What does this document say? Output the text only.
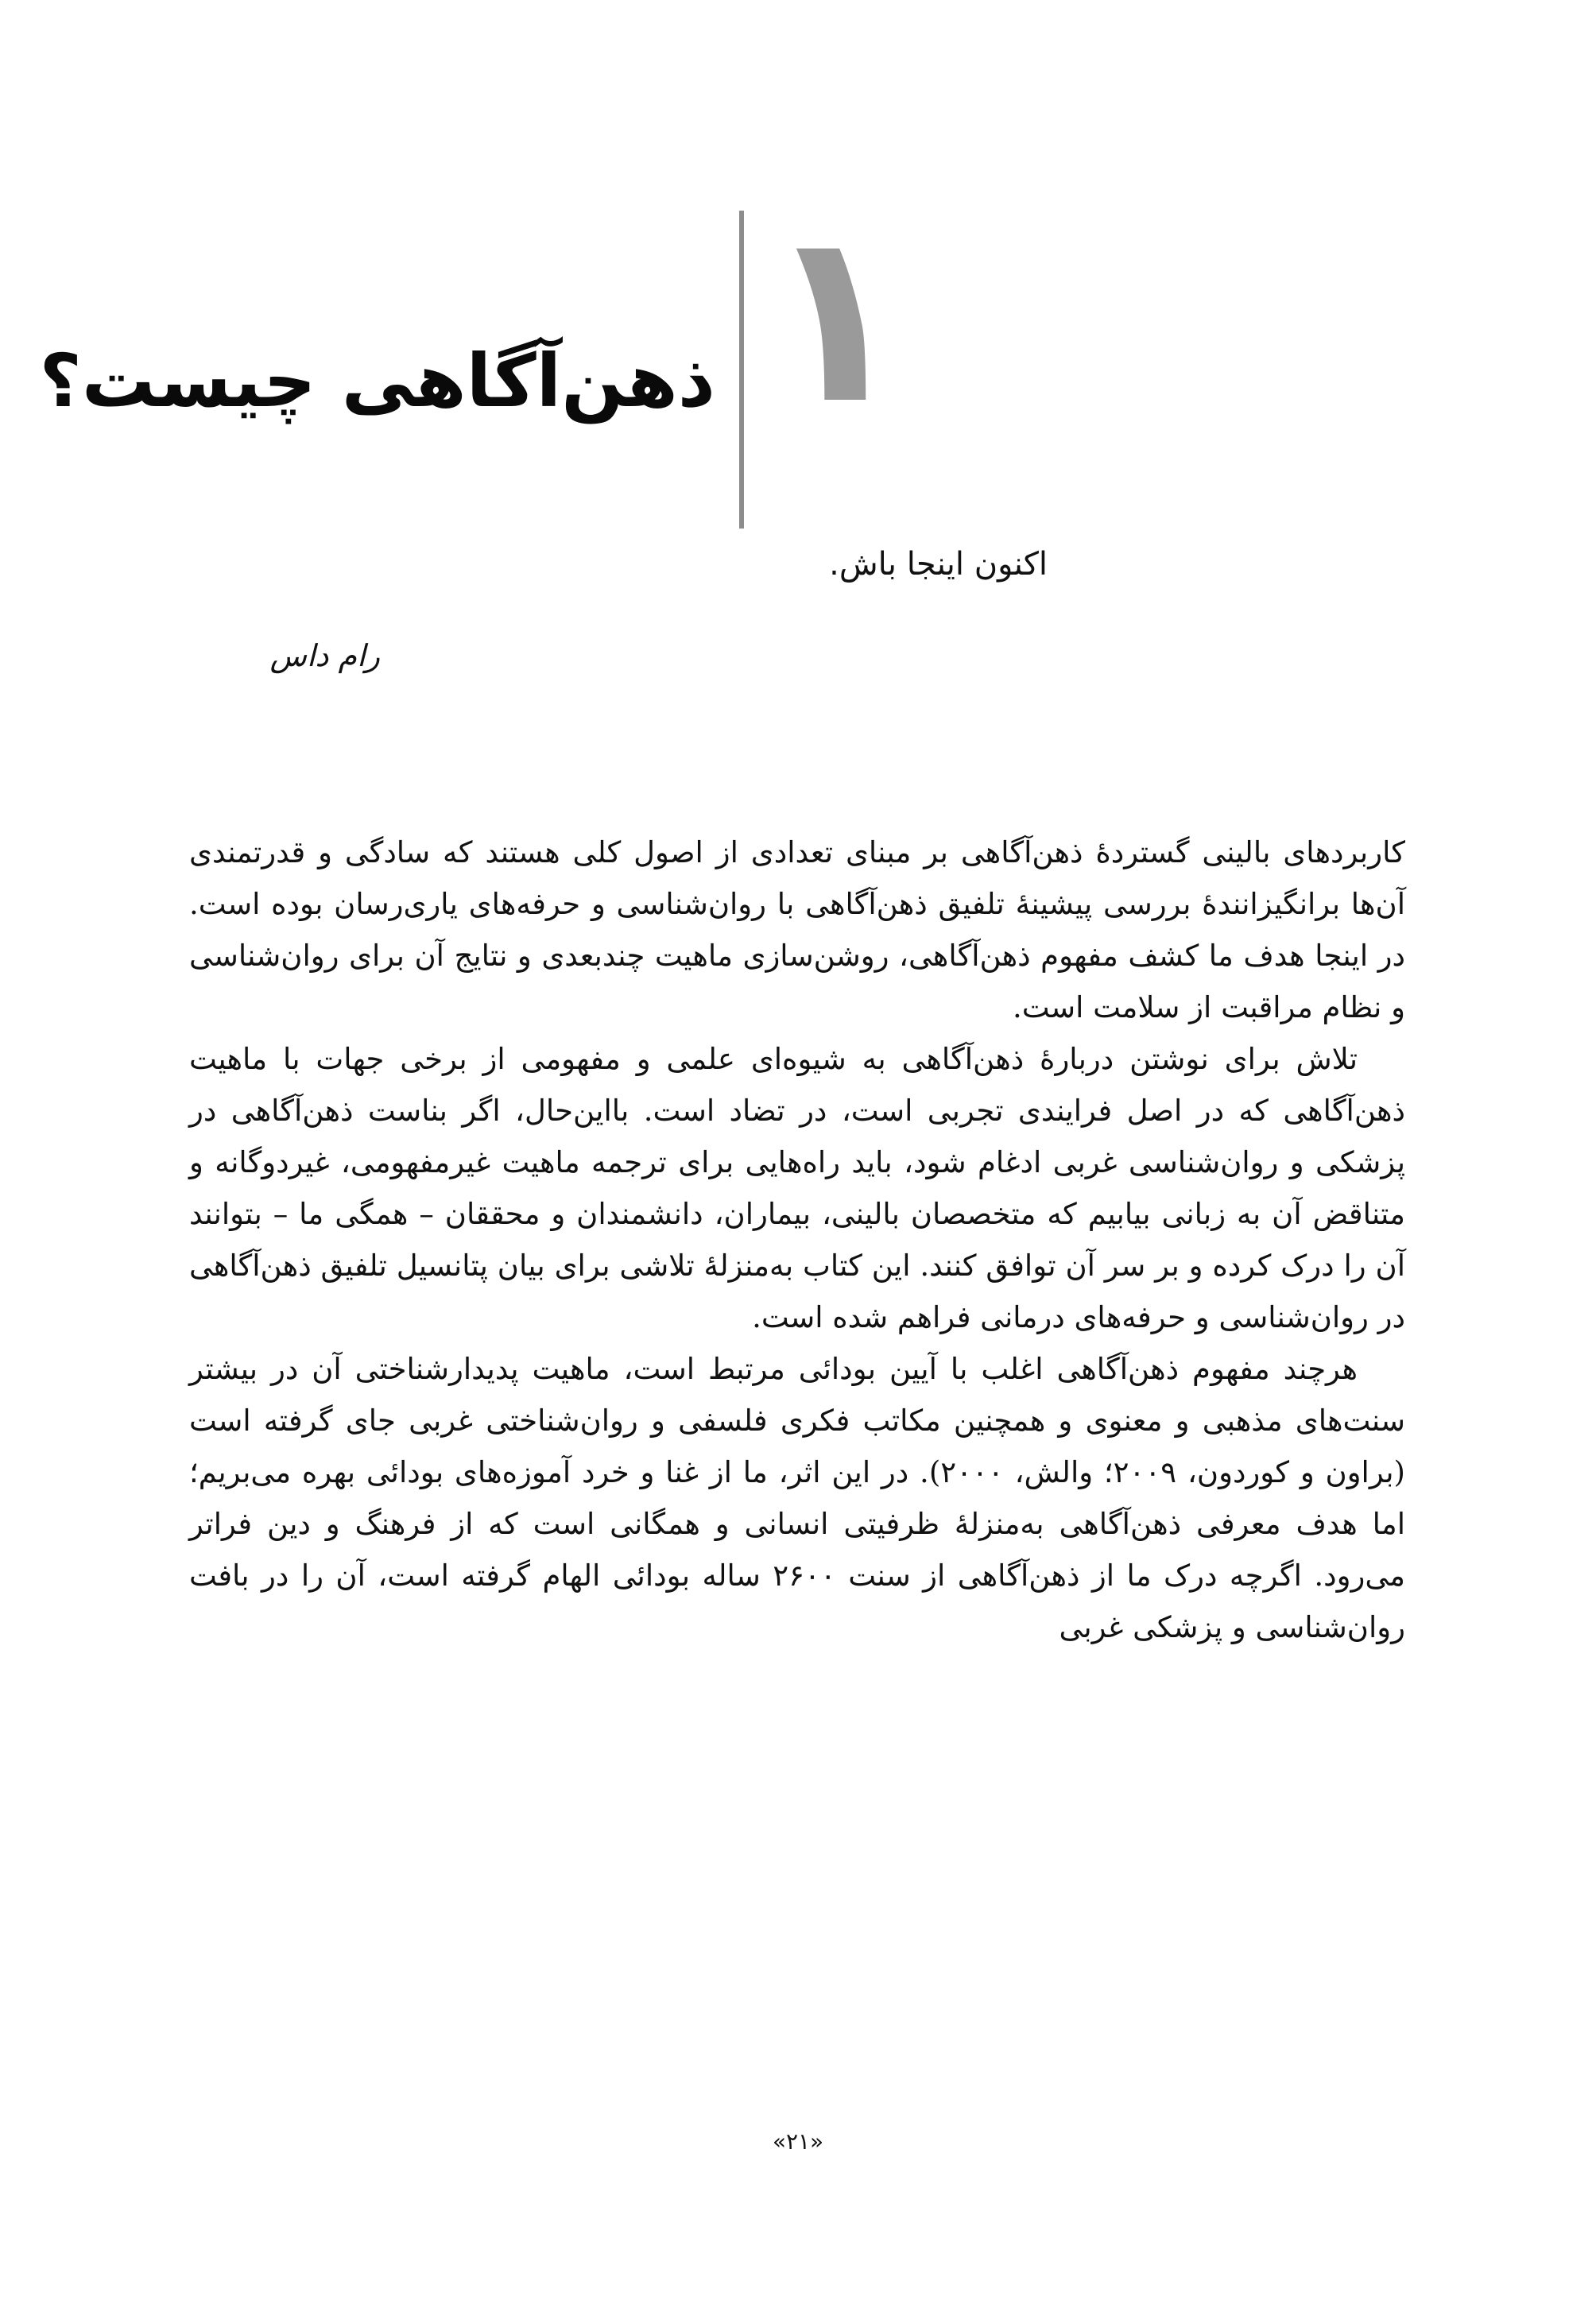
۱
ذهن‌آگاهی چیست؟
اکنون اینجا باش.
رام داس

کاربردهای بالینی گستردهٔ ذهن‌آگاهی بر مبنای تعدادی از اصول کلی هستند که سادگی و قدرتمندی آن‌ها برانگیزانندهٔ بررسی پیشینهٔ تلفیق ذهن‌آگاهی با روان‌شناسی و حرفه‌های یاری‌رسان بوده است. در اینجا هدف ما کشف مفهوم ذهن‌آگاهی، روشن‌سازی ماهیت چندبعدی و نتایج آن برای روان‌شناسی و نظام مراقبت از سلامت است.

تلاش برای نوشتن دربارهٔ ذهن‌آگاهی به شیوه‌ای علمی و مفهومی از برخی جهات با ماهیت ذهن‌آگاهی که در اصل فرایندی تجربی است، در تضاد است. بااین‌حال، اگر بناست ذهن‌آگاهی در پزشکی و روان‌شناسی غربی ادغام شود، باید راه‌هایی برای ترجمه ماهیت غیرمفهومی، غیردوگانه و متناقض آن به زبانی بیابیم که متخصصان بالینی، بیماران، دانشمندان و محققان – همگی ما – بتوانند آن را درک کرده و بر سر آن توافق کنند. این کتاب به‌منزلهٔ تلاشی برای بیان پتانسیل تلفیق ذهن‌آگاهی در روان‌شناسی و حرفه‌های درمانی فراهم شده است.

هرچند مفهوم ذهن‌آگاهی اغلب با آیین بودائی مرتبط است، ماهیت پدیدارشناختی آن در بیشتر سنت‌های مذهبی و معنوی و همچنین مکاتب فکری فلسفی و روان‌شناختی غربی جای گرفته است (براون و کوردون، ۲۰۰۹؛ والش، ۲۰۰۰). در این اثر، ما از غنا و خرد آموزه‌های بودائی بهره می‌بریم؛ اما هدف معرفی ذهن‌آگاهی به‌منزلهٔ ظرفیتی انسانی و همگانی است که از فرهنگ و دین فراتر می‌رود. اگرچه درک ما از ذهن‌آگاهی از سنت ۲۶۰۰ ساله بودائی الهام گرفته است، آن را در بافت روان‌شناسی و پزشکی غربی

«۲۱»
